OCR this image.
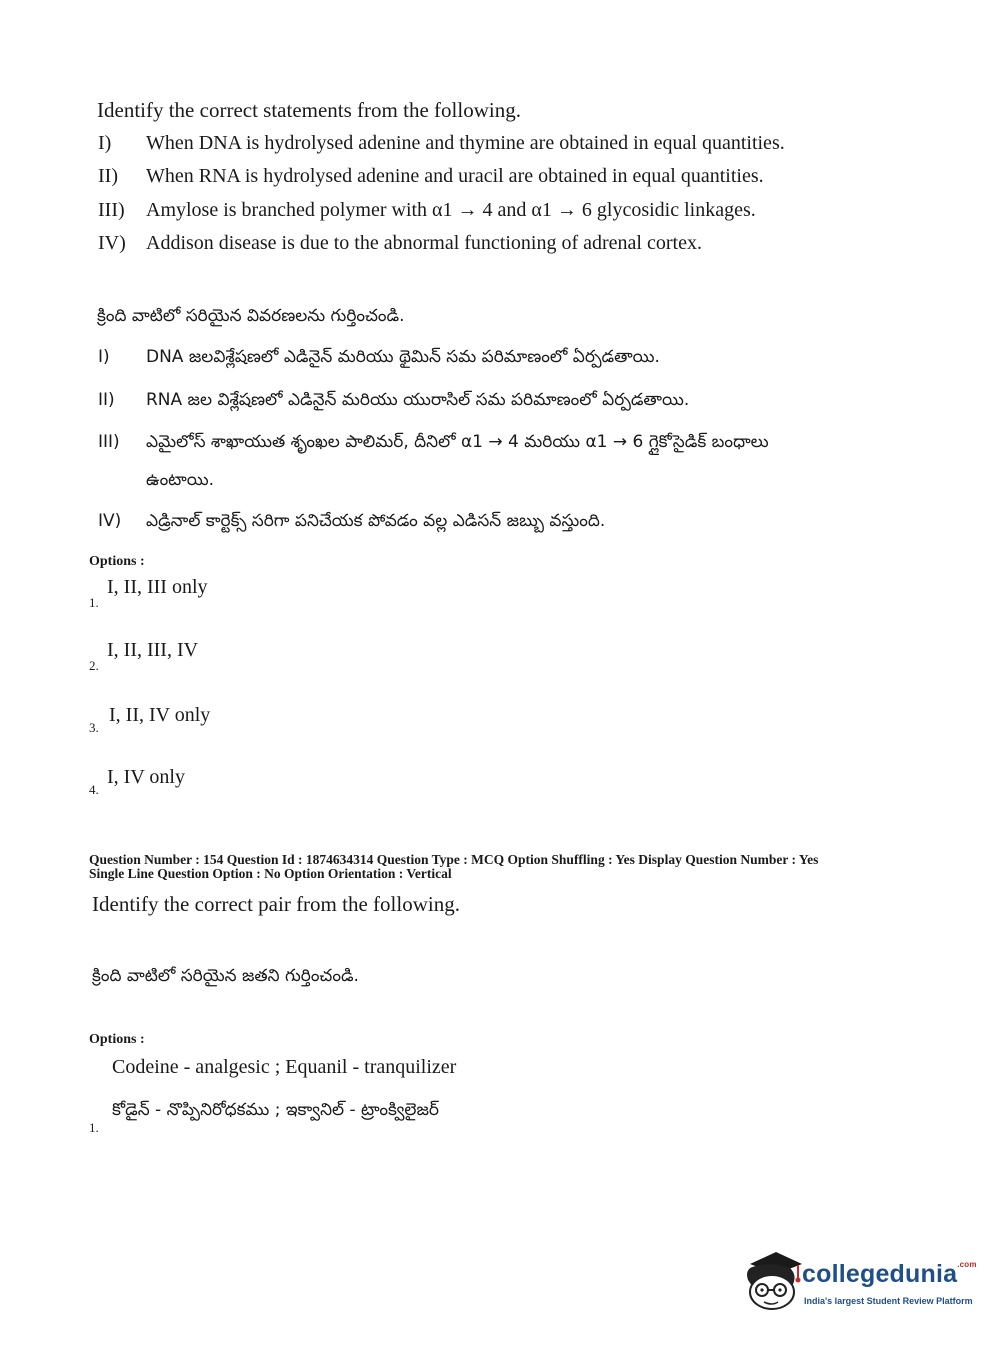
Identify the correct statements from the following.
I) When DNA is hydrolysed adenine and thymine are obtained in equal quantities.
II) When RNA is hydrolysed adenine and uracil are obtained in equal quantities.
III) Amylose is branched polymer with α1 → 4 and α1 → 6 glycosidic linkages.
IV) Addison disease is due to the abnormal functioning of adrenal cortex.
క్రింది వాటిలో సరియైన వివరణలను గుర్తించండి.
I) DNA జలవిశ్లేషణలో ఎడినైన్ మరియు థైమిన్ సమ పరిమాణంలో ఏర్పడతాయి.
II) RNA జల విశ్లేషణలో ఎడినైన్ మరియు యురాసిల్ సమ పరిమాణంలో ఏర్పడతాయి.
III) ఎమైలోస్ శాఖాయుత శృంఖల పాలిమర్, దీనిలో α1 → 4 మరియు α1 → 6 గ్లైకోసైడిక్ బంధాలు
ఉంటాయి.
IV) ఎడ్రినాల్ కార్టెక్స్ సరిగా పనిచేయక పోవడం వల్ల ఎడిసన్ జబ్బు వస్తుంది.
Options :
1.
I, II, III only
2.
I, II, III, IV
3.
I, II, IV only
4.
I, IV only
Question Number : 154 Question Id : 1874634314 Question Type : MCQ Option Shuffling : Yes Display Question Number : Yes
Single Line Question Option : No Option Orientation : Vertical
Identify the correct pair from the following.
క్రింది వాటిలో సరియైన జతని గుర్తించండి.
Options :
Codeine - analgesic ; Equanil - tranquilizer
కోడైన్ - నొప్పినిరోధకము ; ఇక్వానిల్ - ట్రాంక్విలైజర్
1.
collegedunia$^{.com}$
India's largest Student Review Platform
